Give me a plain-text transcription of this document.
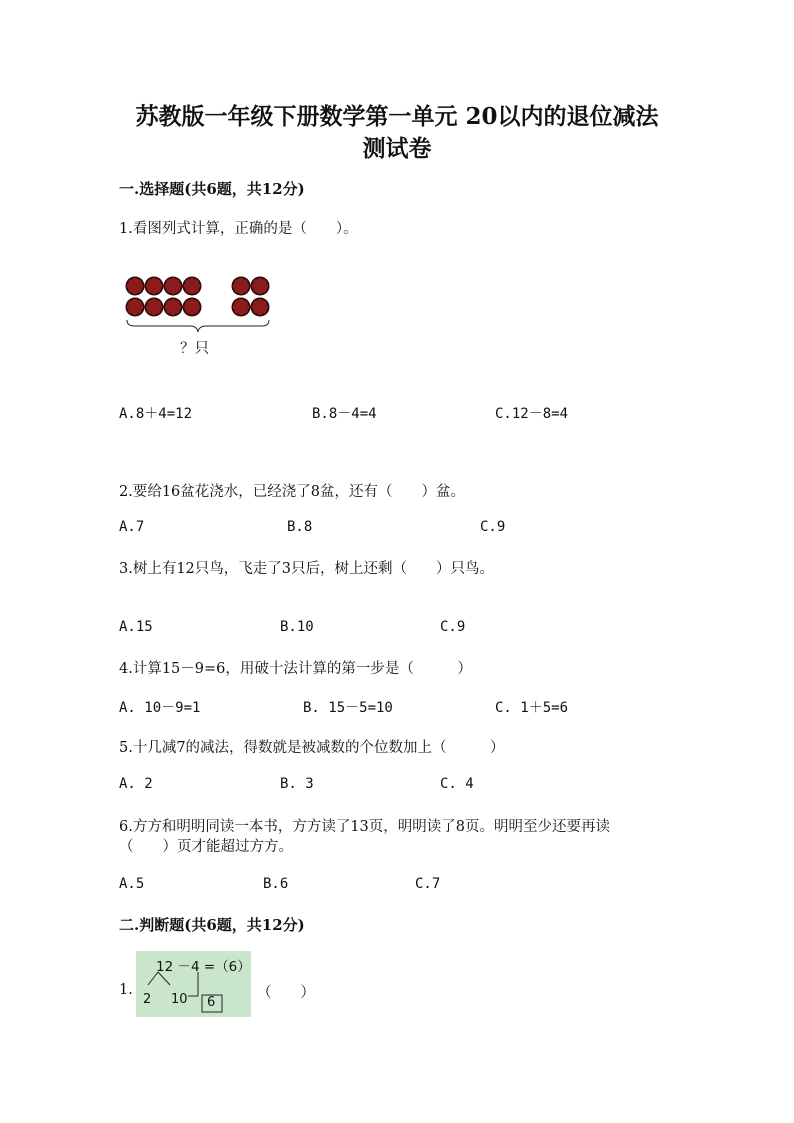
苏教版一年级下册数学第一单元 20以内的退位减法
测试卷
一.选择题(共6题，共12分)
1.看图列式计算，正确的是（　　）。
？只
A.8＋4=12	B.8－4=4	C.12－8=4
2.要给16盆花浇水，已经浇了8盆，还有（　　）盆。
A.7	B.8	C.9
3.树上有12只鸟，飞走了3只后，树上还剩（　　）只鸟。
A.15	B.10	C.9
4.计算15－9=6，用破十法计算的第一步是（　　　）
A. 10－9=1	B. 15－5=10	C. 1＋5=6
5.十几减7的减法，得数就是被减数的个位数加上（　　　）
A. 2	B. 3	C. 4
6.方方和明明同读一本书，方方读了13页，明明读了8页。明明至少还要再读
（　　）页才能超过方方。
A.5	B.6	C.7
二.判断题(共6题，共12分)
1.
12 －4 =（6）
2 10 6
（　　）
